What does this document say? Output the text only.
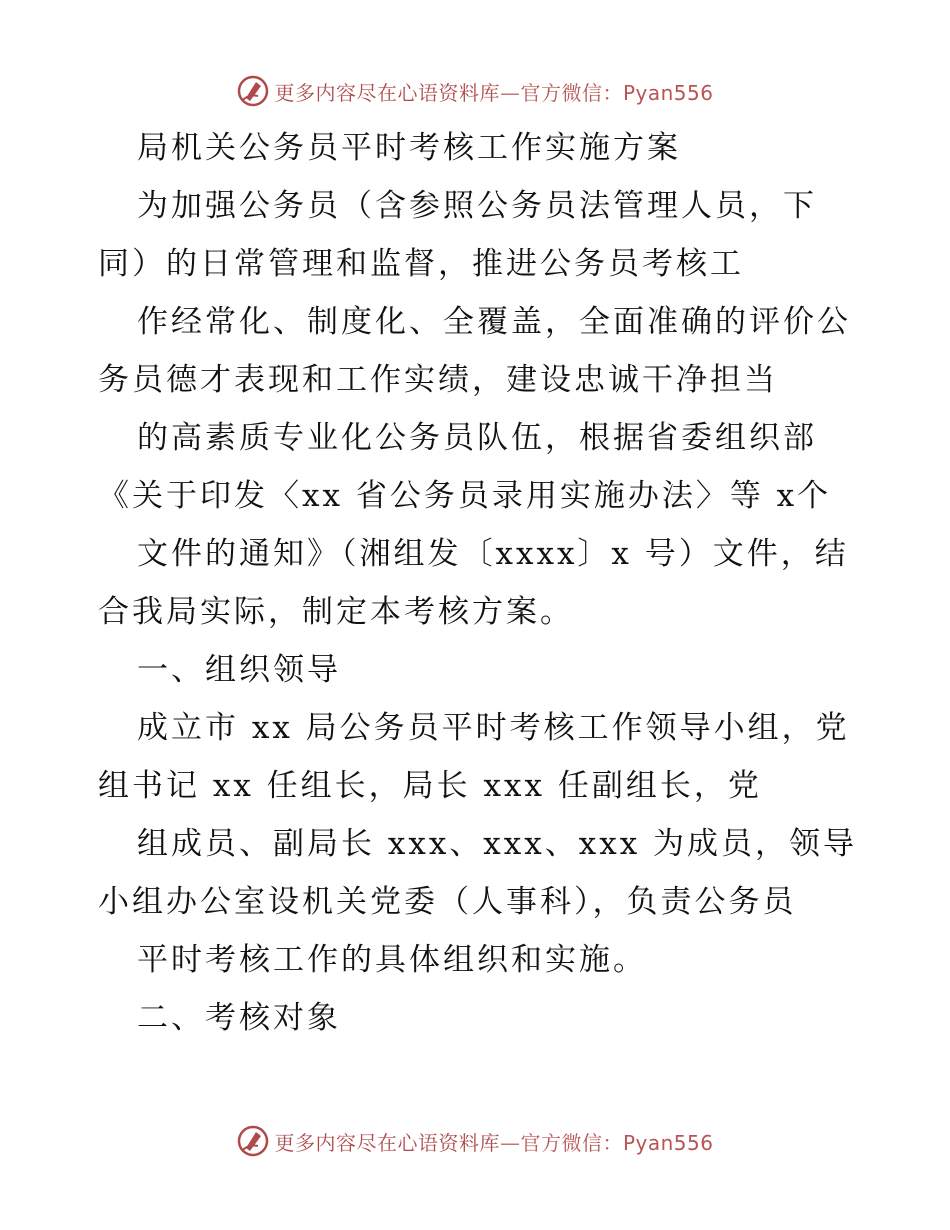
更多内容尽在心语资料库—官方微信：Pyan556
局机关公务员平时考核工作实施方案
为加强公务员（含参照公务员法管理人员，下
同）的日常管理和监督，推进公务员考核工
作经常化、制度化、全覆盖，全面准确的评价公
务员德才表现和工作实绩，建设忠诚干净担当
的高素质专业化公务员队伍，根据省委组织部
《关于印发〈xx 省公务员录用实施办法〉等 x个
文件的通知》（湘组发〔xxxx〕x 号）文件，结
合我局实际，制定本考核方案。
一、组织领导
成立市 xx 局公务员平时考核工作领导小组，党
组书记 xx 任组长，局长 xxx 任副组长，党
组成员、副局长 xxx、xxx、xxx 为成员，领导
小组办公室设机关党委（人事科），负责公务员
平时考核工作的具体组织和实施。
二、考核对象
更多内容尽在心语资料库—官方微信：Pyan556
